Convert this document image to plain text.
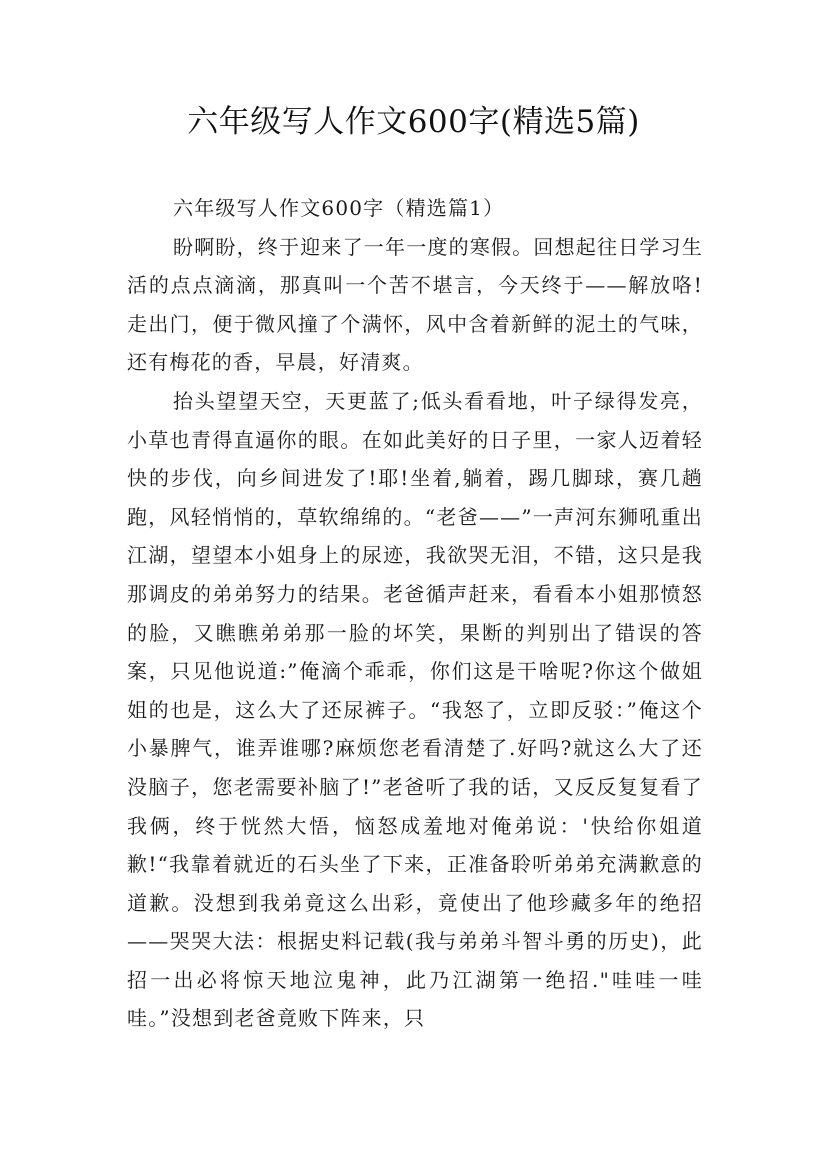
六年级写人作文600字(精选5篇)

六年级写人作文600字（精选篇1）

盼啊盼，终于迎来了一年一度的寒假。回想起往日学习生活的点点滴滴，那真叫一个苦不堪言，今天终于——解放咯!走出门，便于微风撞了个满怀，风中含着新鲜的泥土的气味，还有梅花的香，早晨，好清爽。

抬头望望天空，天更蓝了;低头看看地，叶子绿得发亮，小草也青得直逼你的眼。在如此美好的日子里，一家人迈着轻快的步伐，向乡间进发了!耶!坐着,躺着，踢几脚球，赛几趟跑，风轻悄悄的，草软绵绵的。“老爸——”一声河东狮吼重出江湖，望望本小姐身上的尿迹，我欲哭无泪，不错，这只是我那调皮的弟弟努力的结果。老爸循声赶来，看看本小姐那愤怒的脸，又瞧瞧弟弟那一脸的坏笑，果断的判别出了错误的答案，只见他说道:”俺滴个乖乖，你们这是干啥呢?你这个做姐姐的也是，这么大了还尿裤子。“我怒了，立即反驳：”俺这个小暴脾气，谁弄谁哪?麻烦您老看清楚了.好吗?就这么大了还没脑子，您老需要补脑了!”老爸听了我的话，又反反复复看了我俩，终于恍然大悟，恼怒成羞地对俺弟说：'快给你姐道歉!“我靠着就近的石头坐了下来，正准备聆听弟弟充满歉意的道歉。没想到我弟竟这么出彩，竟使出了他珍藏多年的绝招——哭哭大法：根据史料记载(我与弟弟斗智斗勇的历史)，此招一出必将惊天地泣鬼神，此乃江湖第一绝招."哇哇一哇哇。”没想到老爸竟败下阵来，只
